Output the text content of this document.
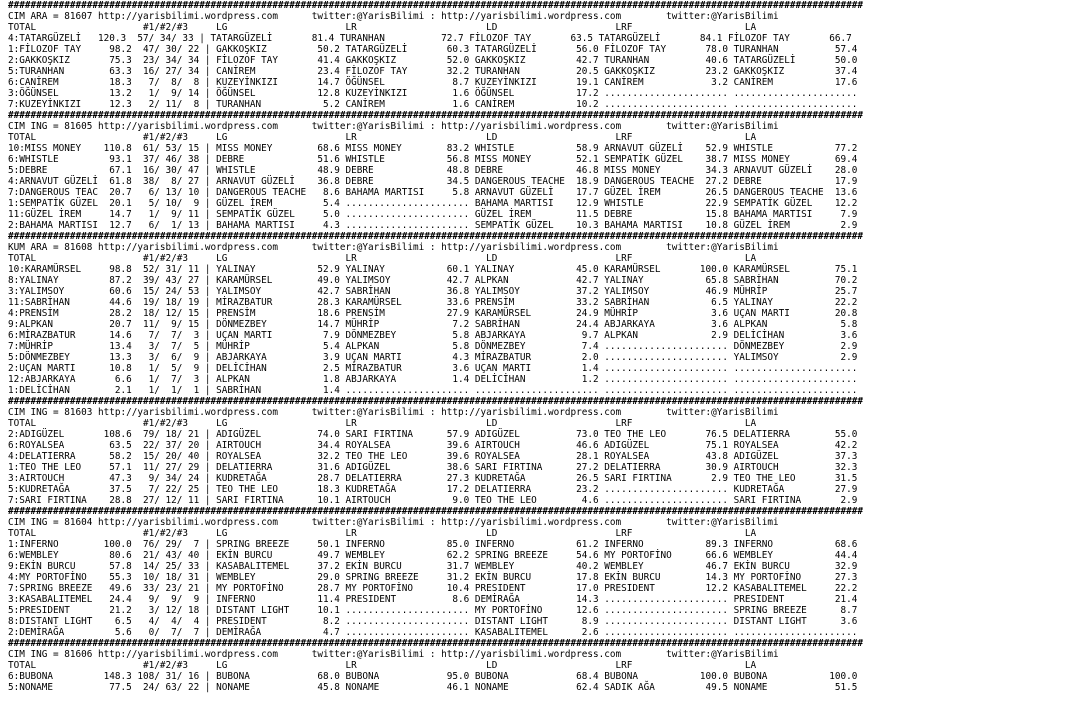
########################################################################################################################################################
CIM ARA = 81607 http://yarisbilimi.wordpress.com      twitter:@YarisBilimi : http://yarisbilimi.wordpress.com        twitter:@YarisBilimi
TOTAL                   #1/#2/#3     LG                     LR                       LD                     LRF                    LA
4:TATARGÜZELİ   120.3  57/ 34/ 33 | TATARGÜZELİ       81.4 TURANHAN          72.7 FİLOZOF TAY       63.5 TATARGÜZELİ       84.1 FİLOZOF TAY       66.7
1:FİLOZOF TAY     98.2  47/ 30/ 22 | GAKKOŞKIZ         50.2 TATARGÜZELİ       60.3 TATARGÜZELİ       56.0 FİLOZOF TAY       78.0 TURANHAN          57.4
2:GAKKOŞKIZ       75.3  23/ 34/ 34 | FİLOZOF TAY       41.4 GAKKOŞKIZ         52.0 GAKKOŞKIZ         42.7 TURANHAN          40.6 TATARGÜZELİ       50.0
5:TURANHAN        63.3  16/ 27/ 34 | CANİREM           23.4 FİLOZOF TAY       32.2 TURANHAN          20.5 GAKKOŞKIZ         23.2 GAKKOŞKIZ         37.4
6:CANİREM         18.3   7/  8/  8 | KUZEYİNKIZI       14.7 ÖĞÜNSEL            8.7 KUZEYİNKIZI       19.1 CANİREM            3.2 CANİREM           17.6
3:ÖĞÜNSEL         13.2   1/  9/ 14 | ÖĞÜNSEL           12.8 KUZEYİNKIZI        1.6 ÖĞÜNSEL           17.2 ...................... ......................
7:KUZEYİNKIZI     12.3   2/ 11/  8 | TURANHAN           5.2 CANİREM            1.6 CANİREM           10.2 ...................... ......................
########################################################################################################################################################
CIM ING = 81605 http://yarisbilimi.wordpress.com      twitter:@YarisBilimi : http://yarisbilimi.wordpress.com        twitter:@YarisBilimi
TOTAL                   #1/#2/#3     LG                     LR                       LD                     LRF                    LA
10:MISS MONEY    110.8  61/ 53/ 15 | MISS MONEY        68.6 MISS MONEY        83.2 WHISTLE           58.9 ARNAVUT GÜZELİ    52.9 WHISTLE           77.2
6:WHISTLE         93.1  37/ 46/ 38 | DEBRE             51.6 WHISTLE           56.8 MISS MONEY        52.1 SEMPATİK GÜZEL    38.7 MISS MONEY        69.4
5:DEBRE           67.1  16/ 30/ 47 | WHISTLE           48.9 DEBRE             48.8 DEBRE             46.8 MISS MONEY        34.3 ARNAVUT GÜZELİ    28.0
4:ARNAVUT GÜZELİ  61.8  38/  8/ 27 | ARNAVUT GÜZELİ    36.8 DEBRE             34.5 DANGEROUS TEACHE  18.9 DANGEROUS TEACHE  27.2 DEBRE             17.9
7:DANGEROUS TEAC  20.7   6/ 13/ 10 | DANGEROUS TEACHE   8.6 BAHAMA MARTISI     5.8 ARNAVUT GÜZELİ    17.7 GÜZEL İREM        26.5 DANGEROUS TEACHE  13.6
1:SEMPATİK GÜZEL  20.1   5/ 10/  9 | GÜZEL İREM         5.4 ...................... BAHAMA MARTISI    12.9 WHISTLE           22.9 SEMPATİK GÜZEL    12.2
11:GÜZEL İREM     14.7   1/  9/ 11 | SEMPATİK GÜZEL     5.0 ...................... GÜZEL İREM        11.5 DEBRE             15.8 BAHAMA MARTISI     7.9
2:BAHAMA MARTISI  12.7   6/  1/ 13 | BAHAMA MARTISI     4.3 ...................... SEMPATİK GÜZEL    10.3 BAHAMA MARTISI    10.8 GÜZEL İREM         2.9
########################################################################################################################################################
KUM ARA = 81608 http://yarisbilimi.wordpress.com      twitter:@YarisBilimi : http://yarisbilimi.wordpress.com        twitter:@YarisBilimi
TOTAL                   #1/#2/#3     LG                     LR                       LD                     LRF                    LA
10:KARAMÜRSEL     98.8  52/ 31/ 11 | YALINAY           52.9 YALINAY           60.1 YALINAY           45.0 KARAMÜRSEL       100.0 KARAMÜRSEL        75.1
8:YALINAY         87.2  39/ 43/ 27 | KARAMÜRSEL        49.0 YALIMSOY          42.7 ALPKAN            42.7 YALINAY           65.8 SABRİHAN          70.2
3:YALIMSOY        60.6  15/ 24/ 53 | YALIMSOY          42.7 SABRİHAN          36.8 YALIMSOY          37.2 YALIMSOY          46.9 MÜHRİP            25.7
11:SABRİHAN       44.6  19/ 18/ 19 | MİRAZBATUR        28.3 KARAMÜRSEL        33.6 PRENSİM           33.2 SABRİHAN           6.5 YALINAY           22.2
4:PRENSİM         28.2  18/ 12/ 15 | PRENSİM           18.6 PRENSİM           27.9 KARAMÜRSEL        24.9 MÜHRİP             3.6 UÇAN MARTI        20.8
9:ALPKAN          20.7  11/  9/ 15 | DÖNMEZBEY         14.7 MÜHRİP             7.2 SABRİHAN          24.4 ABJARKAYA          3.6 ALPKAN             5.8
6:MİRAZBATUR      14.6   7/  7/  3 | UÇAN MARTI         7.9 DÖNMEZBEY          5.8 ABJARKAYA          9.7 ALPKAN             2.9 DELİCİHAN          3.6
7:MÜHRİP          13.4   3/  7/  5 | MÜHRİP             5.4 ALPKAN             5.8 DÖNMEZBEY          7.4 ...................... DÖNMEZBEY          2.9
5:DÖNMEZBEY       13.3   3/  6/  9 | ABJARKAYA          3.9 UÇAN MARTI         4.3 MİRAZBATUR         2.0 ...................... YALIMSOY           2.9
2:UÇAN MARTI      10.8   1/  5/  9 | DELİCİHAN          2.5 MİRAZBATUR         3.6 UÇAN MARTI         1.4 ...................... ......................
12:ABJARKAYA       6.6   1/  7/  3 | ALPKAN             1.8 ABJARKAYA          1.4 DELİCİHAN          1.2 ...................... ......................
1:DELİCİHAN        2.1   1/  1/  1 | SABRİHAN           1.4 ...................... ...................... ...................... ......................
########################################################################################################################################################
CIM ING = 81603 http://yarisbilimi.wordpress.com      twitter:@YarisBilimi : http://yarisbilimi.wordpress.com        twitter:@YarisBilimi
TOTAL                   #1/#2/#3     LG                     LR                       LD                     LRF                    LA
2:ADIGÜZEL       108.6  79/ 18/ 21 | ADIGÜZEL          74.0 SARI FIRTINA      57.9 ADIGÜZEL          73.0 TEO THE LEO       76.5 DELATIERRA        55.0
6:ROYALSEA        63.5  22/ 37/ 20 | AIRTOUCH          34.4 ROYALSEA          39.6 AIRTOUCH          46.6 ADIGÜZEL          75.1 ROYALSEA          42.2
4:DELATIERRA      58.2  15/ 20/ 40 | ROYALSEA          32.2 TEO THE LEO       39.6 ROYALSEA          28.1 ROYALSEA          43.8 ADIGÜZEL          37.3
1:TEO THE LEO     57.1  11/ 27/ 29 | DELATIERRA        31.6 ADIGÜZEL          38.6 SARI FIRTINA      27.2 DELATIERRA        30.9 AIRTOUCH          32.3
3:AIRTOUCH        47.3   9/ 34/ 24 | KUDRETAĞA         28.7 DELATIERRA        27.3 KUDRETAĞA         26.5 SARI FIRTINA       2.9 TEO THE LEO       31.5
5:KUDRETAĞA       37.5   7/ 22/ 25 | TEO THE LEO       18.3 KUDRETAĞA         17.2 DELATIERRA        23.2 ...................... KUDRETAĞA         27.9
7:SARI FIRTINA    28.8  27/ 12/ 11 | SARI FIRTINA      10.1 AIRTOUCH           9.0 TEO THE LEO        4.6 ...................... SARI FIRTINA       2.9
########################################################################################################################################################
CIM ING = 81604 http://yarisbilimi.wordpress.com      twitter:@YarisBilimi : http://yarisbilimi.wordpress.com        twitter:@YarisBilimi
TOTAL                   #1/#2/#3     LG                     LR                       LD                     LRF                    LA
1:INFERNO        100.0  76/ 29/  7 | SPRING BREEZE     50.1 INFERNO           85.0 INFERNO           61.2 INFERNO           89.3 INFERNO           68.6
6:WEMBLEY         80.6  21/ 43/ 40 | EKİN BURCU        49.7 WEMBLEY           62.2 SPRING BREEZE     54.6 MY PORTOFİNO      66.6 WEMBLEY           44.4
9:EKİN BURCU      57.8  14/ 25/ 33 | KASABALITEMEL     37.2 EKİN BURCU        31.7 WEMBLEY           40.2 WEMBLEY           46.7 EKİN BURCU        32.9
4:MY PORTOFİNO    55.3  10/ 18/ 31 | WEMBLEY           29.0 SPRING BREEZE     31.2 EKİN BURCU        17.8 EKİN BURCU        14.3 MY PORTOFİNO      27.3
7:SPRING BREEZE   49.6  33/ 23/ 21 | MY PORTOFİNO      28.7 MY PORTOFİNO      10.4 PRESIDENT         17.0 PRESIDENT         12.2 KASABALITEMEL     22.2
3:KASABALITEMEL   24.4   9/  9/  9 | INFERNO           11.4 PRESIDENT          8.6 DEMİRAĞA          14.3 ...................... PRESIDENT         21.4
5:PRESIDENT       21.2   3/ 12/ 18 | DISTANT LIGHT     10.1 ...................... MY PORTOFİNO      12.6 ...................... SPRING BREEZE      8.7
8:DISTANT LIGHT    6.5   4/  4/  4 | PRESIDENT          8.2 ...................... DISTANT LIGHT      8.9 ...................... DISTANT LIGHT      3.6
2:DEMİRAĞA         5.6   0/  7/  7 | DEMİRAĞA           4.7 ...................... KASABALITEMEL      2.6 ...................... ......................
########################################################################################################################################################
CIM ING = 81606 http://yarisbilimi.wordpress.com      twitter:@YarisBilimi : http://yarisbilimi.wordpress.com        twitter:@YarisBilimi
TOTAL                   #1/#2/#3     LG                     LR                       LD                     LRF                    LA
6:BUBONA         148.3 108/ 31/ 16 | BUBONA            68.0 BUBONA            95.0 BUBONA            68.4 BUBONA           100.0 BUBONA           100.0
5:NONAME          77.5  24/ 63/ 22 | NONAME            45.8 NONAME            46.1 NONAME            62.4 SADIK AĞA         49.5 NONAME            51.5
